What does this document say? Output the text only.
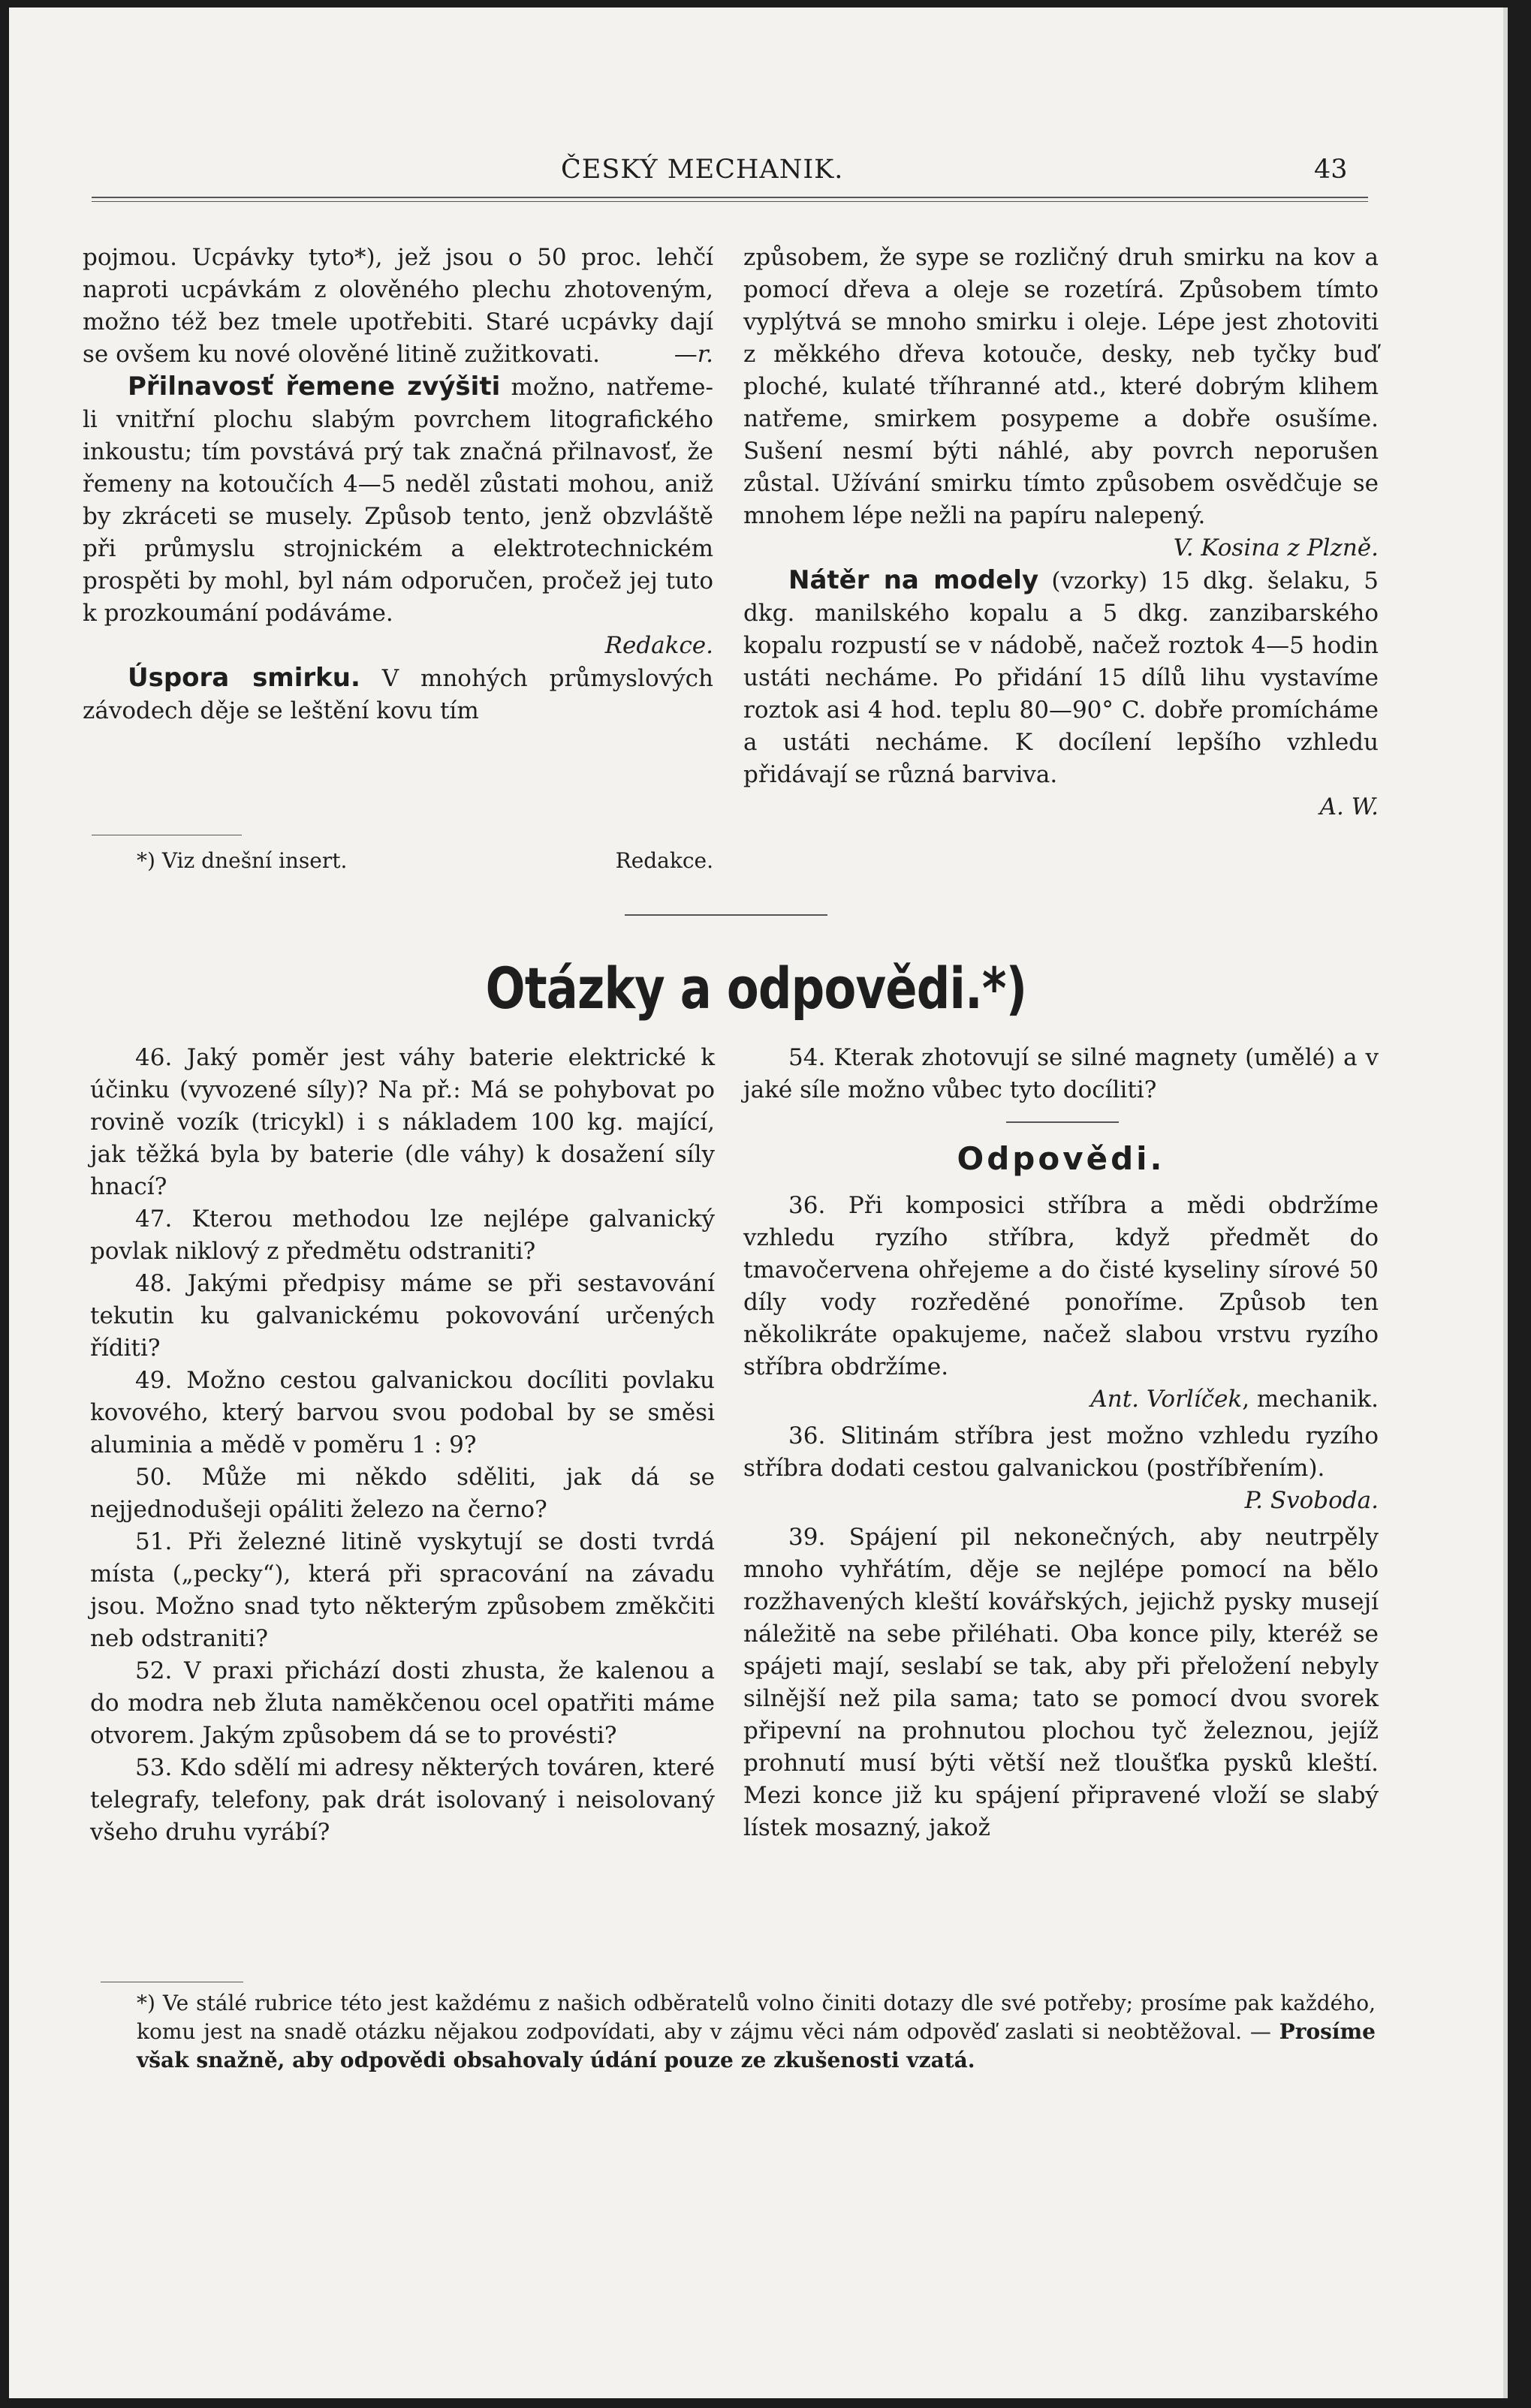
ČESKÝ MECHANIK.	43

pojmou. Ucpávky tyto*), jež jsou o 50 proc. lehčí naproti ucpávkám z olověného plechu zhotoveným, možno též bez tmele upotřebiti. Staré ucpávky dají se ovšem ku nové olověné litině zužitkovati.	—r.

Přilnavosť řemene zvýšiti možno, natřeme-li vnitřní plochu slabým povrchem litografického inkoustu; tím povstává prý tak značná přilnavosť, že řemeny na kotoučích 4—5 neděl zůstati mohou, aniž by zkráceti se musely. Způsob tento, jenž obzvláště při průmyslu strojnickém a elektrotechnickém prospěti by mohl, byl nám odporučen, pročež jej tuto k prozkoumání podáváme.

Redakce.

Úspora smirku. V mnohých průmyslových závodech děje se leštění kovu tím

*) Viz dnešní insert.	Redakce.

způsobem, že sype se rozličný druh smirku na kov a pomocí dřeva a oleje se rozetírá. Způsobem tímto vyplýtvá se mnoho smirku i oleje. Lépe jest zhotoviti z měkkého dřeva kotouče, desky, neb tyčky buď ploché, kulaté tříhranné atd., které dobrým klihem natřeme, smirkem posypeme a dobře osušíme. Sušení nesmí býti náhlé, aby povrch neporušen zůstal. Užívání smirku tímto způsobem osvědčuje se mnohem lépe nežli na papíru nalepený.

V. Kosina z Plzně.

Nátěr na modely (vzorky) 15 dkg. šelaku, 5 dkg. manilského kopalu a 5 dkg. zanzibarského kopalu rozpustí se v nádobě, načež roztok 4—5 hodin ustáti necháme. Po přidání 15 dílů lihu vystavíme roztok asi 4 hod. teplu 80—90° C. dobře promícháme a ustáti necháme. K docílení lepšího vzhledu přidávají se různá barviva.

A. W.

Otázky a odpovědi.*)

46. Jaký poměr jest váhy baterie elektrické k účinku (vyvozené síly)? Na př.: Má se pohybovat po rovině vozík (tricykl) i s nákladem 100 kg. mající, jak těžká byla by baterie (dle váhy) k dosažení síly hnací?

47. Kterou methodou lze nejlépe galvanický povlak niklový z předmětu odstraniti?

48. Jakými předpisy máme se při sestavování tekutin ku galvanickému pokovování určených říditi?

49. Možno cestou galvanickou docíliti povlaku kovového, který barvou svou podobal by se směsi aluminia a mědě v poměru 1 : 9?

50. Může mi někdo sděliti, jak dá se nejjednodušeji opáliti železo na černo?

51. Při železné litině vyskytují se dosti tvrdá místa („pecky“), která při spracování na závadu jsou. Možno snad tyto některým způsobem změkčiti neb odstraniti?

52. V praxi přichází dosti zhusta, že kalenou a do modra neb žluta naměkčenou ocel opatřiti máme otvorem. Jakým způsobem dá se to provésti?

53. Kdo sdělí mi adresy některých továren, které telegrafy, telefony, pak drát isolovaný i neisolovaný všeho druhu vyrábí?

54. Kterak zhotovují se silné magnety (umělé) a v jaké síle možno vůbec tyto docíliti?

Odpovědi.

36. Při komposici stříbra a mědi obdržíme vzhledu ryzího stříbra, když předmět do tmavočervena ohřejeme a do čisté kyseliny sírové 50 díly vody rozředěné ponoříme. Způsob ten několikráte opakujeme, načež slabou vrstvu ryzího stříbra obdržíme.

Ant. Vorlíček, mechanik.

36. Slitinám stříbra jest možno vzhledu ryzího stříbra dodati cestou galvanickou (postříbřením).

P. Svoboda.

39. Spájení pil nekonečných, aby neutrpěly mnoho vyhřátím, děje se nejlépe pomocí na bělo rozžhavených kleští kovářských, jejichž pysky musejí náležitě na sebe přiléhati. Oba konce pily, kteréž se spájeti mají, seslabí se tak, aby při přeložení nebyly silnější než pila sama; tato se pomocí dvou svorek připevní na prohnutou plochou tyč železnou, jejíž prohnutí musí býti větší než tloušťka pysků kleští. Mezi konce již ku spájení připravené vloží se slabý lístek mosazný, jakož

*) Ve stálé rubrice této jest každému z našich odběratelů volno činiti dotazy dle své potřeby; prosíme pak každého, komu jest na snadě otázku nějakou zodpovídati, aby v zájmu věci nám odpověď zaslati si neobtěžoval. — Prosíme však snažně, aby odpovědi obsahovaly údání pouze ze zkušenosti vzatá.
